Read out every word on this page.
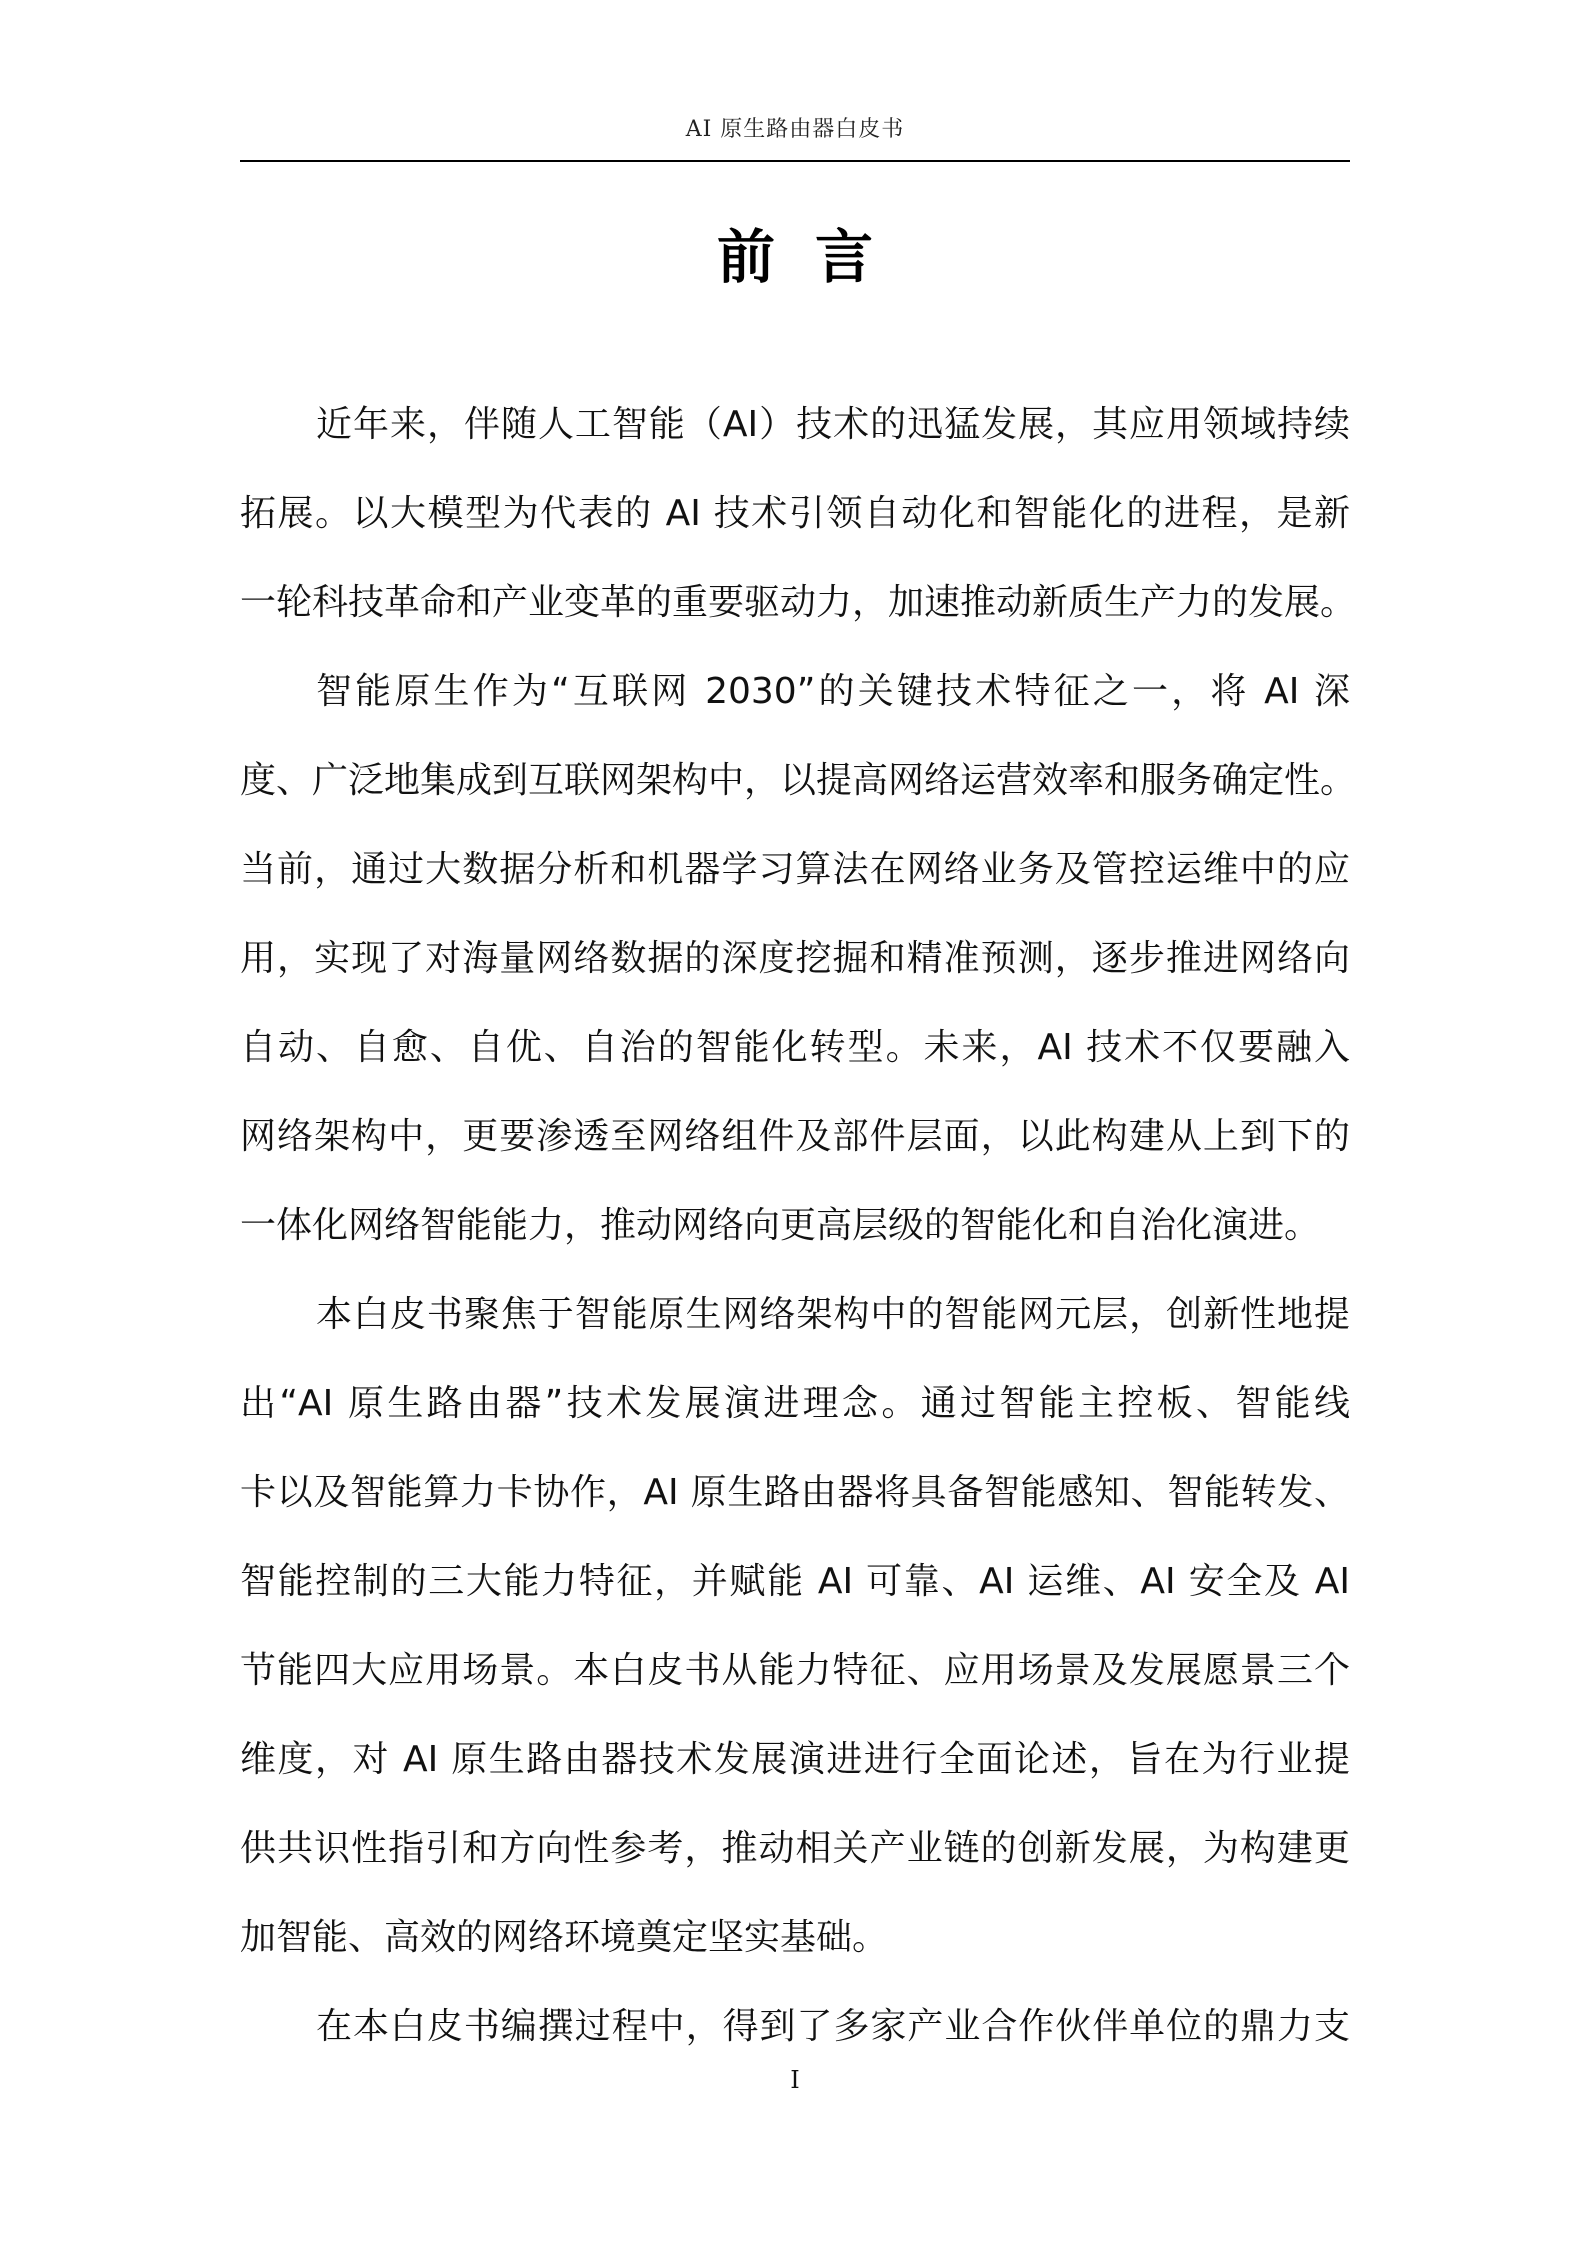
AI 原生路由器白皮书
前言
近年来，伴随人工智能（AI）技术的迅猛发展，其应用领域持续
拓展。以大模型为代表的 AI 技术引领自动化和智能化的进程，是新
一轮科技革命和产业变革的重要驱动力，加速推动新质生产力的发展。
智能原生作为“互联网 2030”的关键技术特征之一，将 AI 深
度、广泛地集成到互联网架构中，以提高网络运营效率和服务确定性。
当前，通过大数据分析和机器学习算法在网络业务及管控运维中的应
用，实现了对海量网络数据的深度挖掘和精准预测，逐步推进网络向
自动、自愈、自优、自治的智能化转型。未来，AI 技术不仅要融入
网络架构中，更要渗透至网络组件及部件层面，以此构建从上到下的
一体化网络智能能力，推动网络向更高层级的智能化和自治化演进。
本白皮书聚焦于智能原生网络架构中的智能网元层，创新性地提
出“AI 原生路由器”技术发展演进理念。通过智能主控板、智能线
卡以及智能算力卡协作，AI 原生路由器将具备智能感知、智能转发、
智能控制的三大能力特征，并赋能 AI 可靠、AI 运维、AI 安全及 AI
节能四大应用场景。本白皮书从能力特征、应用场景及发展愿景三个
维度，对 AI 原生路由器技术发展演进进行全面论述，旨在为行业提
供共识性指引和方向性参考，推动相关产业链的创新发展，为构建更
加智能、高效的网络环境奠定坚实基础。
在本白皮书编撰过程中，得到了多家产业合作伙伴单位的鼎力支
I
